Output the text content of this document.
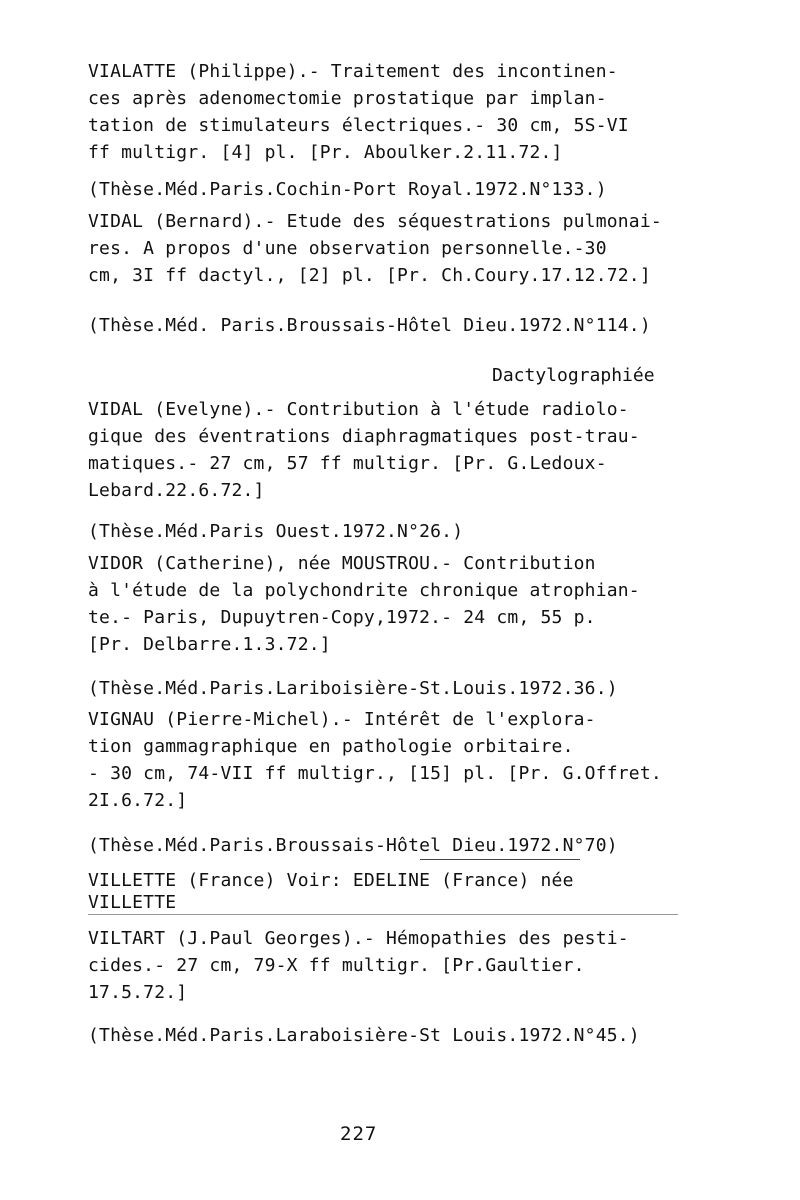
VIALATTE (Philippe).- Traitement des incontinen-
ces après adenomectomie prostatique par implan-
tation de stimulateurs électriques.- 30 cm, 5S-VI
ff multigr. [4] pl. [Pr. Aboulker.2.11.72.]
(Thèse.Méd.Paris.Cochin-Port Royal.1972.N°133.)
VIDAL (Bernard).- Etude des séquestrations pulmonai-
res. A propos d'une observation personnelle.-30
cm, 3I ff dactyl., [2] pl. [Pr. Ch.Coury.17.12.72.]
(Thèse.Méd. Paris.Broussais-Hôtel Dieu.1972.N°114.)
Dactylographiée
VIDAL (Evelyne).- Contribution à l'étude radiolo-
gique des éventrations diaphragmatiques post-trau-
matiques.- 27 cm, 57 ff multigr. [Pr. G.Ledoux-
Lebard.22.6.72.]
(Thèse.Méd.Paris Ouest.1972.N°26.)
VIDOR (Catherine), née MOUSTROU.- Contribution
à l'étude de la polychondrite chronique atrophian-
te.- Paris, Dupuytren-Copy,1972.- 24 cm, 55 p.
[Pr. Delbarre.1.3.72.]
(Thèse.Méd.Paris.Lariboisière-St.Louis.1972.36.)
VIGNAU (Pierre-Michel).- Intérêt de l'explora-
tion gammagraphique en pathologie orbitaire.
- 30 cm, 74-VII ff multigr., [15] pl. [Pr. G.Offret.
2I.6.72.]
(Thèse.Méd.Paris.Broussais-Hôtel Dieu.1972.N°70)
VILLETTE (France) Voir: EDELINE (France) née
VILLETTE
VILTART (J.Paul Georges).- Hémopathies des pesti-
cides.- 27 cm, 79-X ff multigr. [Pr.Gaultier.
17.5.72.]
(Thèse.Méd.Paris.Laraboisière-St Louis.1972.N°45.)
227
